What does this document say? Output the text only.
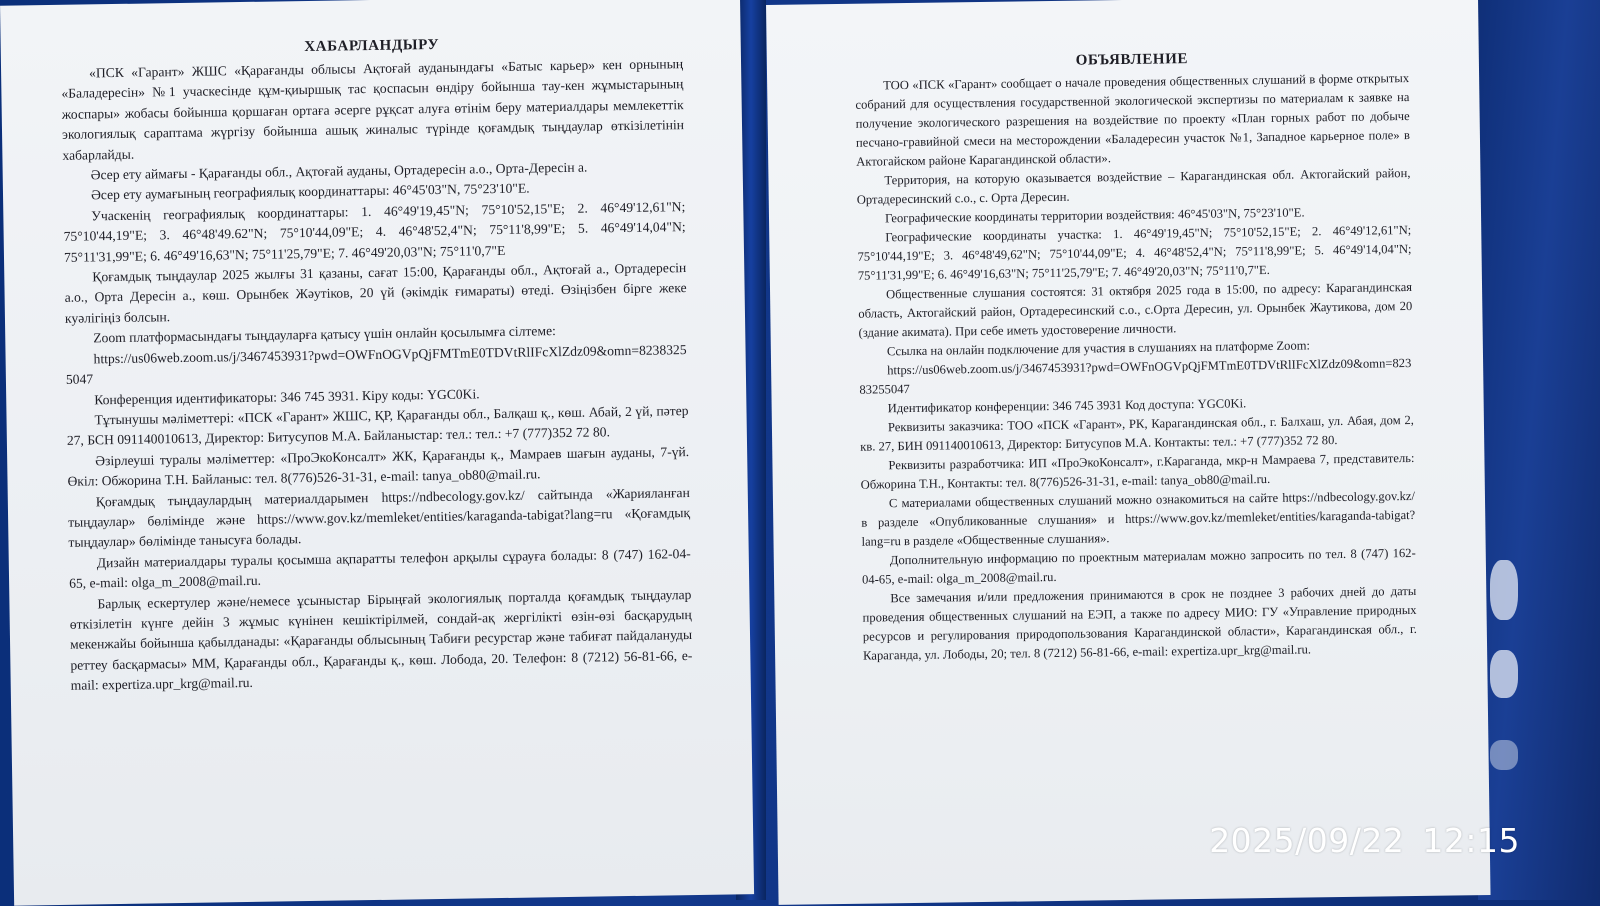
ХАБАРЛАНДЫРУ

«ПСК «Гарант» ЖШС «Қарағанды облысы Ақтоғай ауданындағы «Батыс карьер» кен орнының «Баладересін» №1 учаскесінде құм-қиыршық тас қоспасын өндіру бойынша тау-кен жұмыстарының жоспары» жобасы бойынша қоршаған ортаға әсерге рұқсат алуға өтінім беру материалдары мемлекеттік экологиялық сараптама жүргізу бойынша ашық жиналыс түрінде қоғамдық тыңдаулар өткізілетінін хабарлайды.

Әсер ету аймағы - Қарағанды обл., Ақтоғай ауданы, Ортадересін а.о., Орта-Дересін а.

Әсер ету аумағының географиялық координаттары: 46°45'03"N, 75°23'10"E.

Учаскенің географиялық координаттары: 1. 46°49'19,45"N; 75°10'52,15"E; 2. 46°49'12,61"N; 75°10'44,19"E; 3. 46°48'49.62"N; 75°10'44,09"E; 4. 46°48'52,4"N; 75°11'8,99"E; 5. 46°49'14,04"N; 75°11'31,99"E; 6. 46°49'16,63"N; 75°11'25,79"E; 7. 46°49'20,03"N; 75°11'0,7"E

Қоғамдық тыңдаулар 2025 жылғы 31 қазаны, сағат 15:00, Қарағанды обл., Ақтоғай а., Ортадересін а.о., Орта Дересін а., көш. Орынбек Жәутіков, 20 үй (әкімдік ғимараты) өтеді. Өзіңізбен бірге жеке куәлігіңіз болсын.

Zoom платформасындағы тыңдауларға қатысу үшін онлайн қосылымға сілтеме:

https://us06web.zoom.us/j/3467453931?pwd=OWFnOGVpQjFMTmE0TDVtRlIFcXlZdz09&omn=82383255047

Конференция идентификаторы: 346 745 3931. Кіру коды: YGC0Ki.

Тұтынушы мәліметтері: «ПСК «Гарант» ЖШС, ҚР, Қарағанды обл., Балқаш қ., көш. Абай, 2 үй, пәтер 27, БСН 091140010613, Директор: Битусупов М.А. Байланыстар: тел.: тел.: +7 (777)352 72 80.

Әзірлеуші туралы мәліметтер: «ПроЭкоКонсалт» ЖК, Қарағанды қ., Мамраев шағын ауданы, 7-үй. Өкіл: Обжорина Т.Н. Байланыс: тел. 8(776)526-31-31, e-mail: tanya_ob80@mail.ru.

Қоғамдық тыңдаулардың материалдарымен https://ndbecology.gov.kz/ сайтында «Жарияланған тыңдаулар» бөлімінде және https://www.gov.kz/memleket/entities/karaganda-tabigat?lang=ru «Қоғамдық тыңдаулар» бөлімінде танысуға болады.

Дизайн материалдары туралы қосымша ақпаратты телефон арқылы сұрауға болады: 8 (747) 162-04-65, e-mail: olga_m_2008@mail.ru.

Барлық ескертулер және/немесе ұсыныстар Бірыңғай экологиялық порталда қоғамдық тыңдаулар өткізілетін күнге дейін 3 жұмыс күнінен кешіктірілмей, сондай-ақ жергілікті өзін-өзі басқарудың мекенжайы бойынша қабылданады: «Қарағанды облысының Табиғи ресурстар және табиғат пайдалануды реттеу басқармасы» ММ, Қарағанды обл., Қарағанды қ., көш. Лобода, 20. Телефон: 8 (7212) 56-81-66, e-mail: expertiza.upr_krg@mail.ru.

ОБЪЯВЛЕНИЕ

ТОО «ПСК «Гарант» сообщает о начале проведения общественных слушаний в форме открытых собраний для осуществления государственной экологической экспертизы по материалам к заявке на получение экологического разрешения на воздействие по проекту «План горных работ по добыче песчано-гравийной смеси на месторождении «Баладересин участок №1, Западное карьерное поле» в Актогайском районе Карагандинской области».

Территория, на которую оказывается воздействие – Карагандинская обл. Актогайский район, Ортадересинский с.о., с. Орта Дересин.

Географические координаты территории воздействия: 46°45'03"N, 75°23'10"E.

Географические координаты участка: 1. 46°49'19,45"N; 75°10'52,15"E; 2. 46°49'12,61"N; 75°10'44,19"E; 3. 46°48'49,62"N; 75°10'44,09"E; 4. 46°48'52,4"N; 75°11'8,99"E; 5. 46°49'14,04"N; 75°11'31,99"E; 6. 46°49'16,63"N; 75°11'25,79"E; 7. 46°49'20,03"N; 75°11'0,7"E.

Общественные слушания состоятся: 31 октября 2025 года в 15:00, по адресу: Карагандинская область, Актогайский район, Ортадересинский с.о., с.Орта Дересин, ул. Орынбек Жаутикова, дом 20 (здание акимата). При себе иметь удостоверение личности.

Ссылка на онлайн подключение для участия в слушаниях на платформе Zoom:

https://us06web.zoom.us/j/3467453931?pwd=OWFnOGVpQjFMTmE0TDVtRlIFcXlZdz09&omn=82383255047

Идентификатор конференции: 346 745 3931 Код доступа: YGC0Ki.

Реквизиты заказчика: ТОО «ПСК «Гарант», РК, Карагандинская обл., г. Балхаш, ул. Абая, дом 2, кв. 27, БИН 091140010613, Директор: Битусупов М.А. Контакты: тел.: +7 (777)352 72 80.

Реквизиты разработчика: ИП «ПроЭкоКонсалт», г.Караганда, мкр-н Мамраева 7, представитель: Обжорина Т.Н., Контакты: тел. 8(776)526-31-31, e-mail: tanya_ob80@mail.ru.

С материалами общественных слушаний можно ознакомиться на сайте https://ndbecology.gov.kz/ в разделе «Опубликованные слушания» и https://www.gov.kz/memleket/entities/karaganda-tabigat?lang=ru в разделе «Общественные слушания».

Дополнительную информацию по проектным материалам можно запросить по тел. 8 (747) 162-04-65, e-mail: olga_m_2008@mail.ru.

Все замечания и/или предложения принимаются в срок не позднее 3 рабочих дней до даты проведения общественных слушаний на ЕЭП, а также по адресу МИО: ГУ «Управление природных ресурсов и регулирования природопользования Карагандинской области», Карагандинская обл., г. Караганда, ул. Лободы, 20; тел. 8 (7212) 56-81-66, e-mail: expertiza.upr_krg@mail.ru.

2025/09/22 12:15
